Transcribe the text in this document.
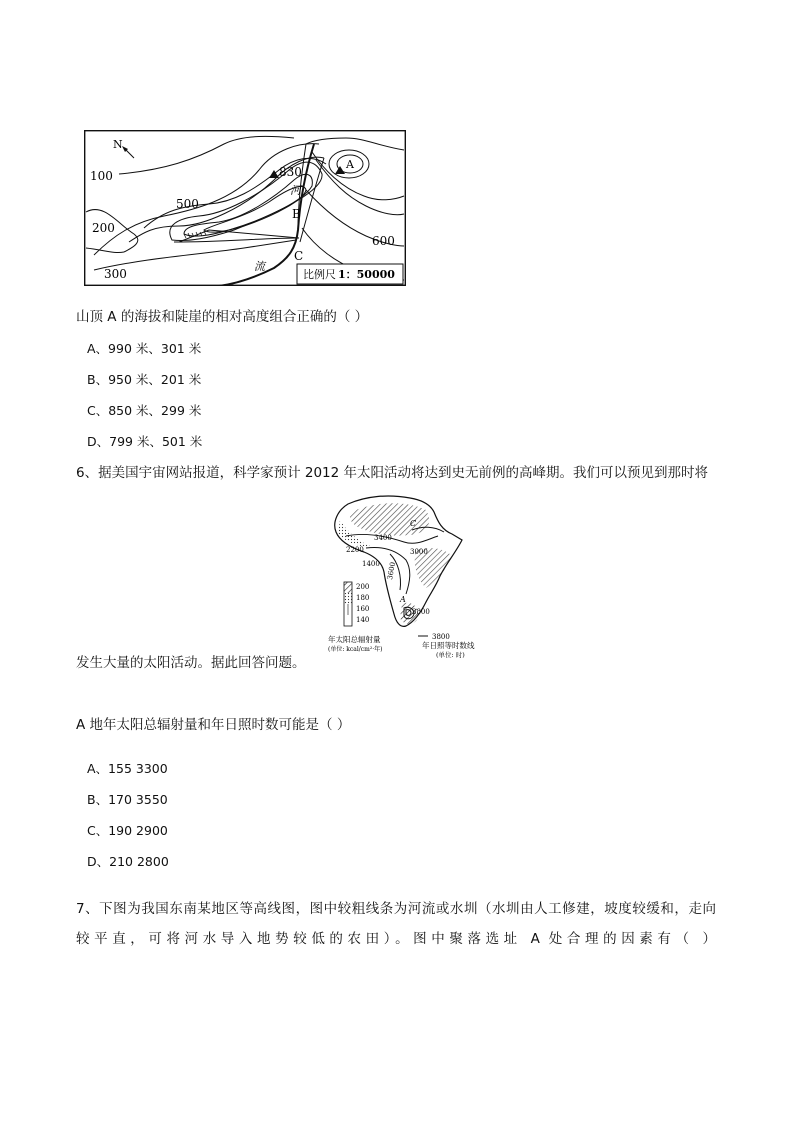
N
100
200
300
500
600
830
A
B
C
河
流
比例尺 1：50000
山顶 A 的海拔和陡崖的相对高度组合正确的（ ）
A、990 米、301 米
B、950 米、201 米
C、850 米、299 米
D、799 米、501 米
6、据美国宇宙网站报道，科学家预计 2012 年太阳活动将达到史无前例的高峰期。我们可以预见到那时将
3400
2200	3000
1400 3600
3800
C
A
200
180
160
140
年太阳总辐射量
(单位: kcal/cm²·年)
3800
年日照等时数线
(单位: 时)
发生大量的太阳活动。据此回答问题。
A 地年太阳总辐射量和年日照时数可能是（ ）
A、155 3300
B、170 3550
C、190 2900
D、210 2800
7、下图为我国东南某地区等高线图，图中较粗线条为河流或水圳（水圳由人工修建，坡度较缓和，走向
较平直，可将河水导入地势较低的农田）。图中聚落选址 A 处合理的因素有（ ）
